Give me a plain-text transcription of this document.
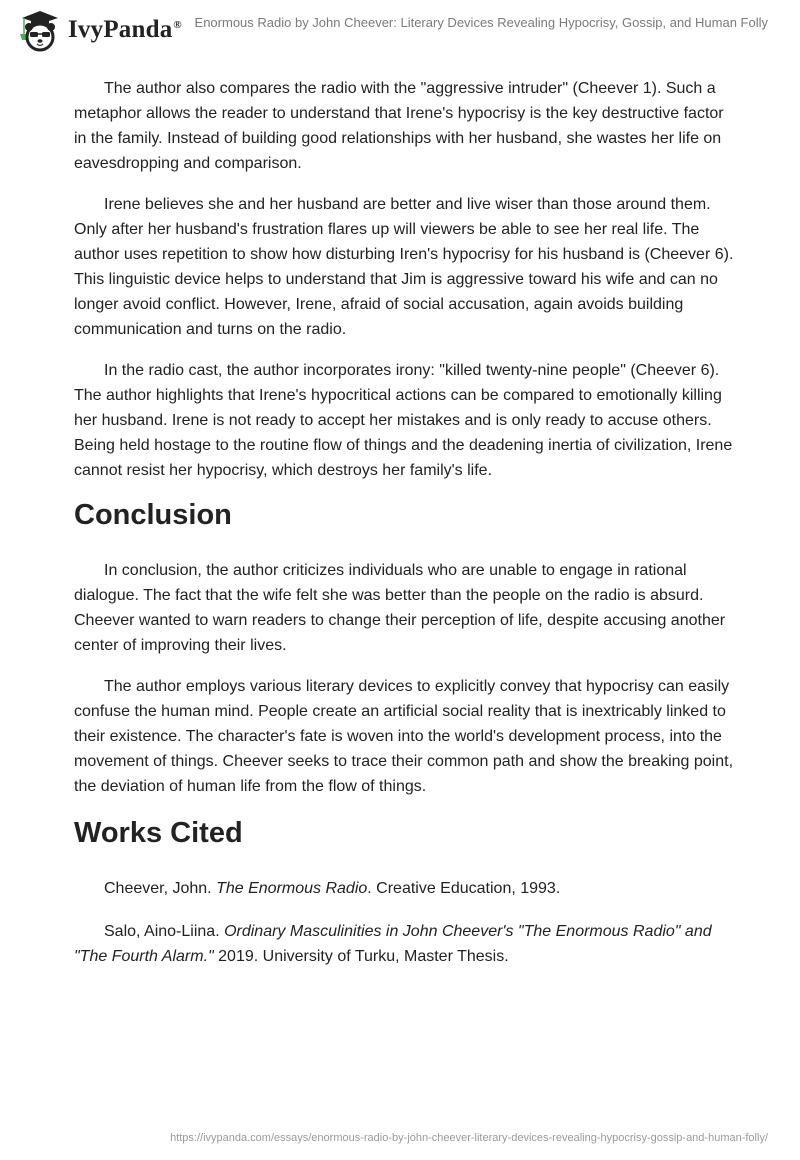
IvyPanda® Enormous Radio by John Cheever: Literary Devices Revealing Hypocrisy, Gossip, and Human Folly

The author also compares the radio with the "aggressive intruder" (Cheever 1). Such a metaphor allows the reader to understand that Irene's hypocrisy is the key destructive factor in the family. Instead of building good relationships with her husband, she wastes her life on eavesdropping and comparison.

Irene believes she and her husband are better and live wiser than those around them. Only after her husband's frustration flares up will viewers be able to see her real life. The author uses repetition to show how disturbing Iren's hypocrisy for his husband is (Cheever 6). This linguistic device helps to understand that Jim is aggressive toward his wife and can no longer avoid conflict. However, Irene, afraid of social accusation, again avoids building communication and turns on the radio.

In the radio cast, the author incorporates irony: "killed twenty-nine people" (Cheever 6). The author highlights that Irene's hypocritical actions can be compared to emotionally killing her husband. Irene is not ready to accept her mistakes and is only ready to accuse others. Being held hostage to the routine flow of things and the deadening inertia of civilization, Irene cannot resist her hypocrisy, which destroys her family's life.

Conclusion

In conclusion, the author criticizes individuals who are unable to engage in rational dialogue. The fact that the wife felt she was better than the people on the radio is absurd. Cheever wanted to warn readers to change their perception of life, despite accusing another center of improving their lives.

The author employs various literary devices to explicitly convey that hypocrisy can easily confuse the human mind. People create an artificial social reality that is inextricably linked to their existence. The character's fate is woven into the world's development process, into the movement of things. Cheever seeks to trace their common path and show the breaking point, the deviation of human life from the flow of things.

Works Cited

Cheever, John. The Enormous Radio. Creative Education, 1993.

Salo, Aino-Liina. Ordinary Masculinities in John Cheever's "The Enormous Radio" and "The Fourth Alarm." 2019. University of Turku, Master Thesis.

https://ivypanda.com/essays/enormous-radio-by-john-cheever-literary-devices-revealing-hypocrisy-gossip-and-human-folly/
